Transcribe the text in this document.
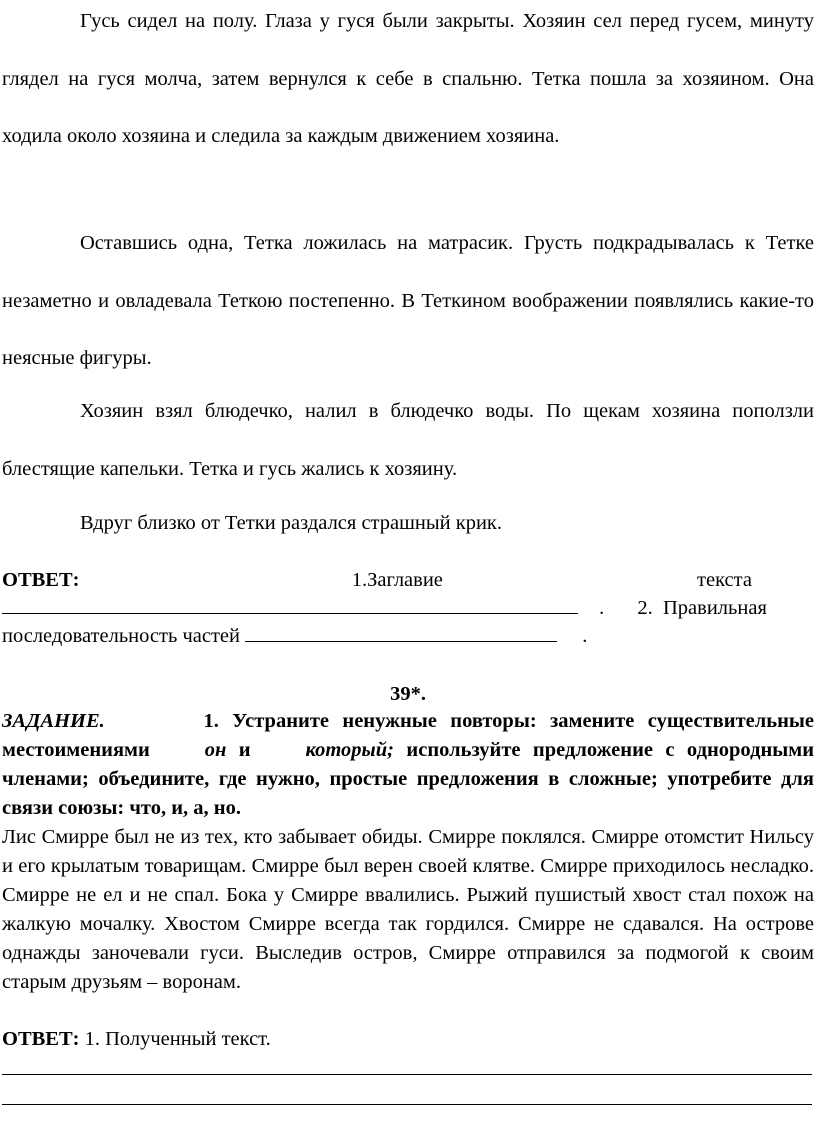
Гусь сидел на полу. Глаза у гуся были закрыты. Хозяин сел перед гусем, минуту глядел на гуся молча, затем вернулся к себе в спальню. Тетка пошла за хозяином. Она ходила около хозяина и следила за каждым движением хозяина.

Оставшись одна, Тетка ложилась на матрасик. Грусть подкрадывалась к Тетке незаметно и овладевала Теткою постепенно. В Теткином воображении появлялись какие-то неясные фигуры.

Хозяин взял блюдечко, налил в блюдечко воды. По щекам хозяина поползли блестящие капельки. Тетка и гусь жались к хозяину.

Вдруг близко от Тетки раздался страшный крик.

ОТВЕТ:	1.Заглавие текста
. 2.  Правильная
последовательность частей	.

39*.

ЗАДАНИЕ.	1. Устраните ненужные повторы: замените существительные местоимениями	он и	который; используйте предложение с однородными членами; объедините, где нужно, простые предложения в сложные; употребите для связи союзы: что, и, а, но.

Лис Смирре был не из тех, кто забывает обиды. Смирре поклялся. Смирре отомстит Нильсу и его крылатым товарищам. Смирре был верен своей клятве. Смирре приходилось несладко. Смирре не ел и не спал. Бока у Смирре ввалились. Рыжий пушистый хвост стал похож на жалкую мочалку. Хвостом Смирре всегда так гордился. Смирре не сдавался. На острове однажды заночевали гуси. Выследив остров, Смирре отправился за подмогой к своим старым друзьям – воронам.

ОТВЕТ: 1. Полученный текст.
